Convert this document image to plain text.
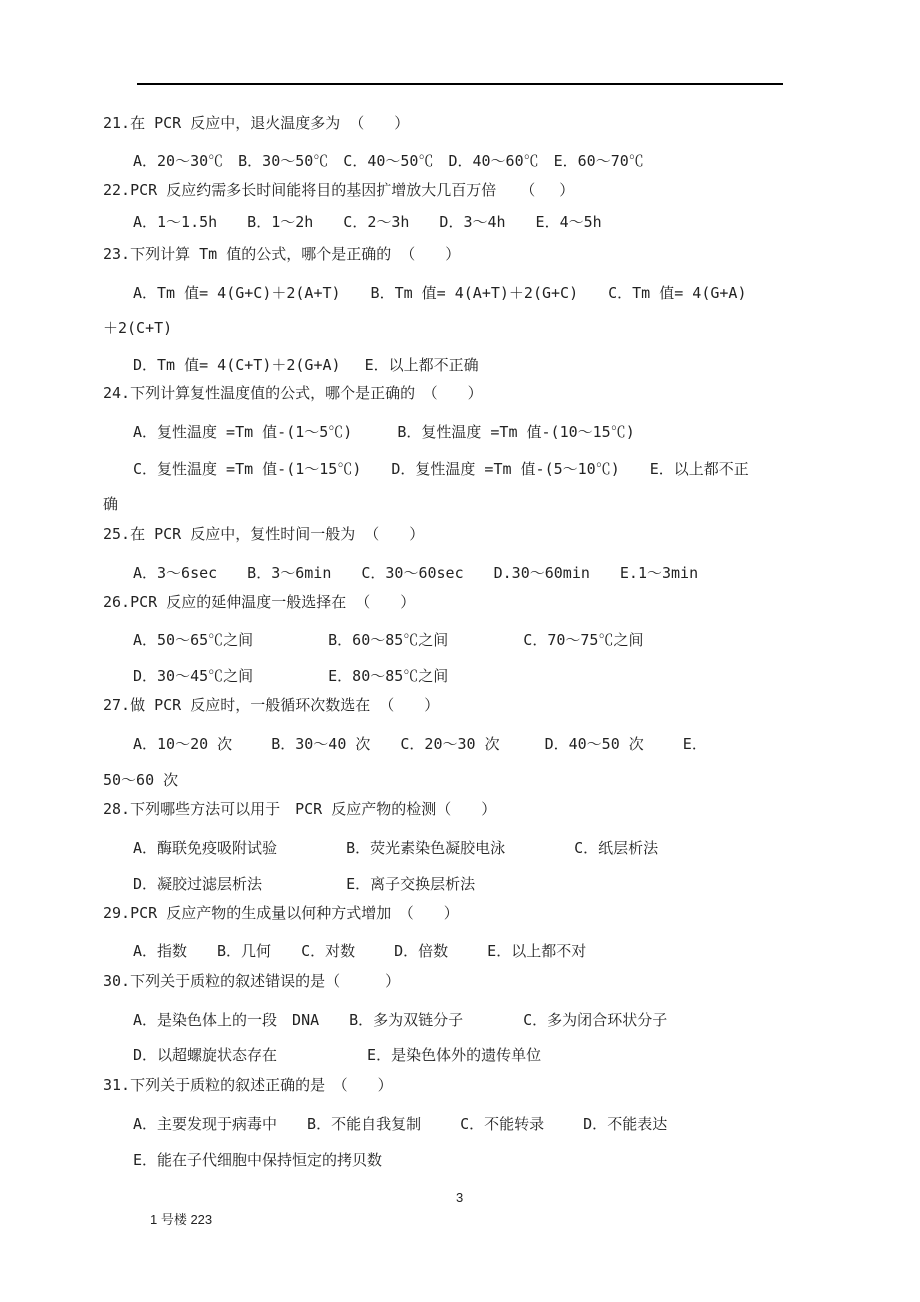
21.在 PCR 反应中，退火温度多为 （　　）
A．20～30℃　B．30～50℃　C．40～50℃　D．40～60℃　E．60～70℃
22.PCR 反应约需多长时间能将目的基因扩增放大几百万倍　 （　 ）
A．1～1.5h　　B．1～2h　　C．2～3h　　D．3～4h　　E．4～5h
23.下列计算 Tm 值的公式，哪个是正确的 （　　）
A．Tm 值= 4(G+C)＋2(A+T)　　B．Tm 值= 4(A+T)＋2(G+C)　　C．Tm 值= 4(G+A)
＋2(C+T)
D．Tm 值= 4(C+T)＋2(G+A)　 E．以上都不正确
24.下列计算复性温度值的公式，哪个是正确的　（　　）
A．复性温度 =Tm 值-(1～5℃)　　　B．复性温度 =Tm 值-(10～15℃)
C．复性温度 =Tm 值-(1～15℃)　　D．复性温度 =Tm 值-(5～10℃)　　E．以上都不正
确
25.在 PCR 反应中，复性时间一般为 （　　）
A．3～6sec　　B．3～6min　　C．30～60sec　　D.30～60min　　E.1～3min
26.PCR 反应的延伸温度一般选择在 （　　）
A．50～65℃之间　　　　　B．60～85℃之间　　　　　C．70～75℃之间
D．30～45℃之间　　　　　E．80～85℃之间
27.做 PCR 反应时，一般循环次数选在 （　　）
A．10～20 次　　 B．30～40 次　　C．20～30 次　　　D．40～50 次　　 E．
50～60 次
28.下列哪些方法可以用于　PCR 反应产物的检测（　　）
A．酶联免疫吸附试验　　　　 B．荧光素染色凝胶电泳　　　　 C．纸层析法
D．凝胶过滤层析法　　　　　 E．离子交换层析法
29.PCR 反应产物的生成量以何种方式增加　（　　）
A．指数　　B．几何　　C．对数　　 D．倍数　　 E．以上都不对
30.下列关于质粒的叙述错误的是（　　　）
A．是染色体上的一段　DNA　　B．多为双链分子　　　　C．多为闭合环状分子
D．以超螺旋状态存在　　　　　　E．是染色体外的遗传单位
31.下列关于质粒的叙述正确的是　（　　）
A．主要发现于病毒中　　B．不能自我复制　　 C．不能转录　　 D．不能表达
E．能在子代细胞中保持恒定的拷贝数
3
1 号楼 223
